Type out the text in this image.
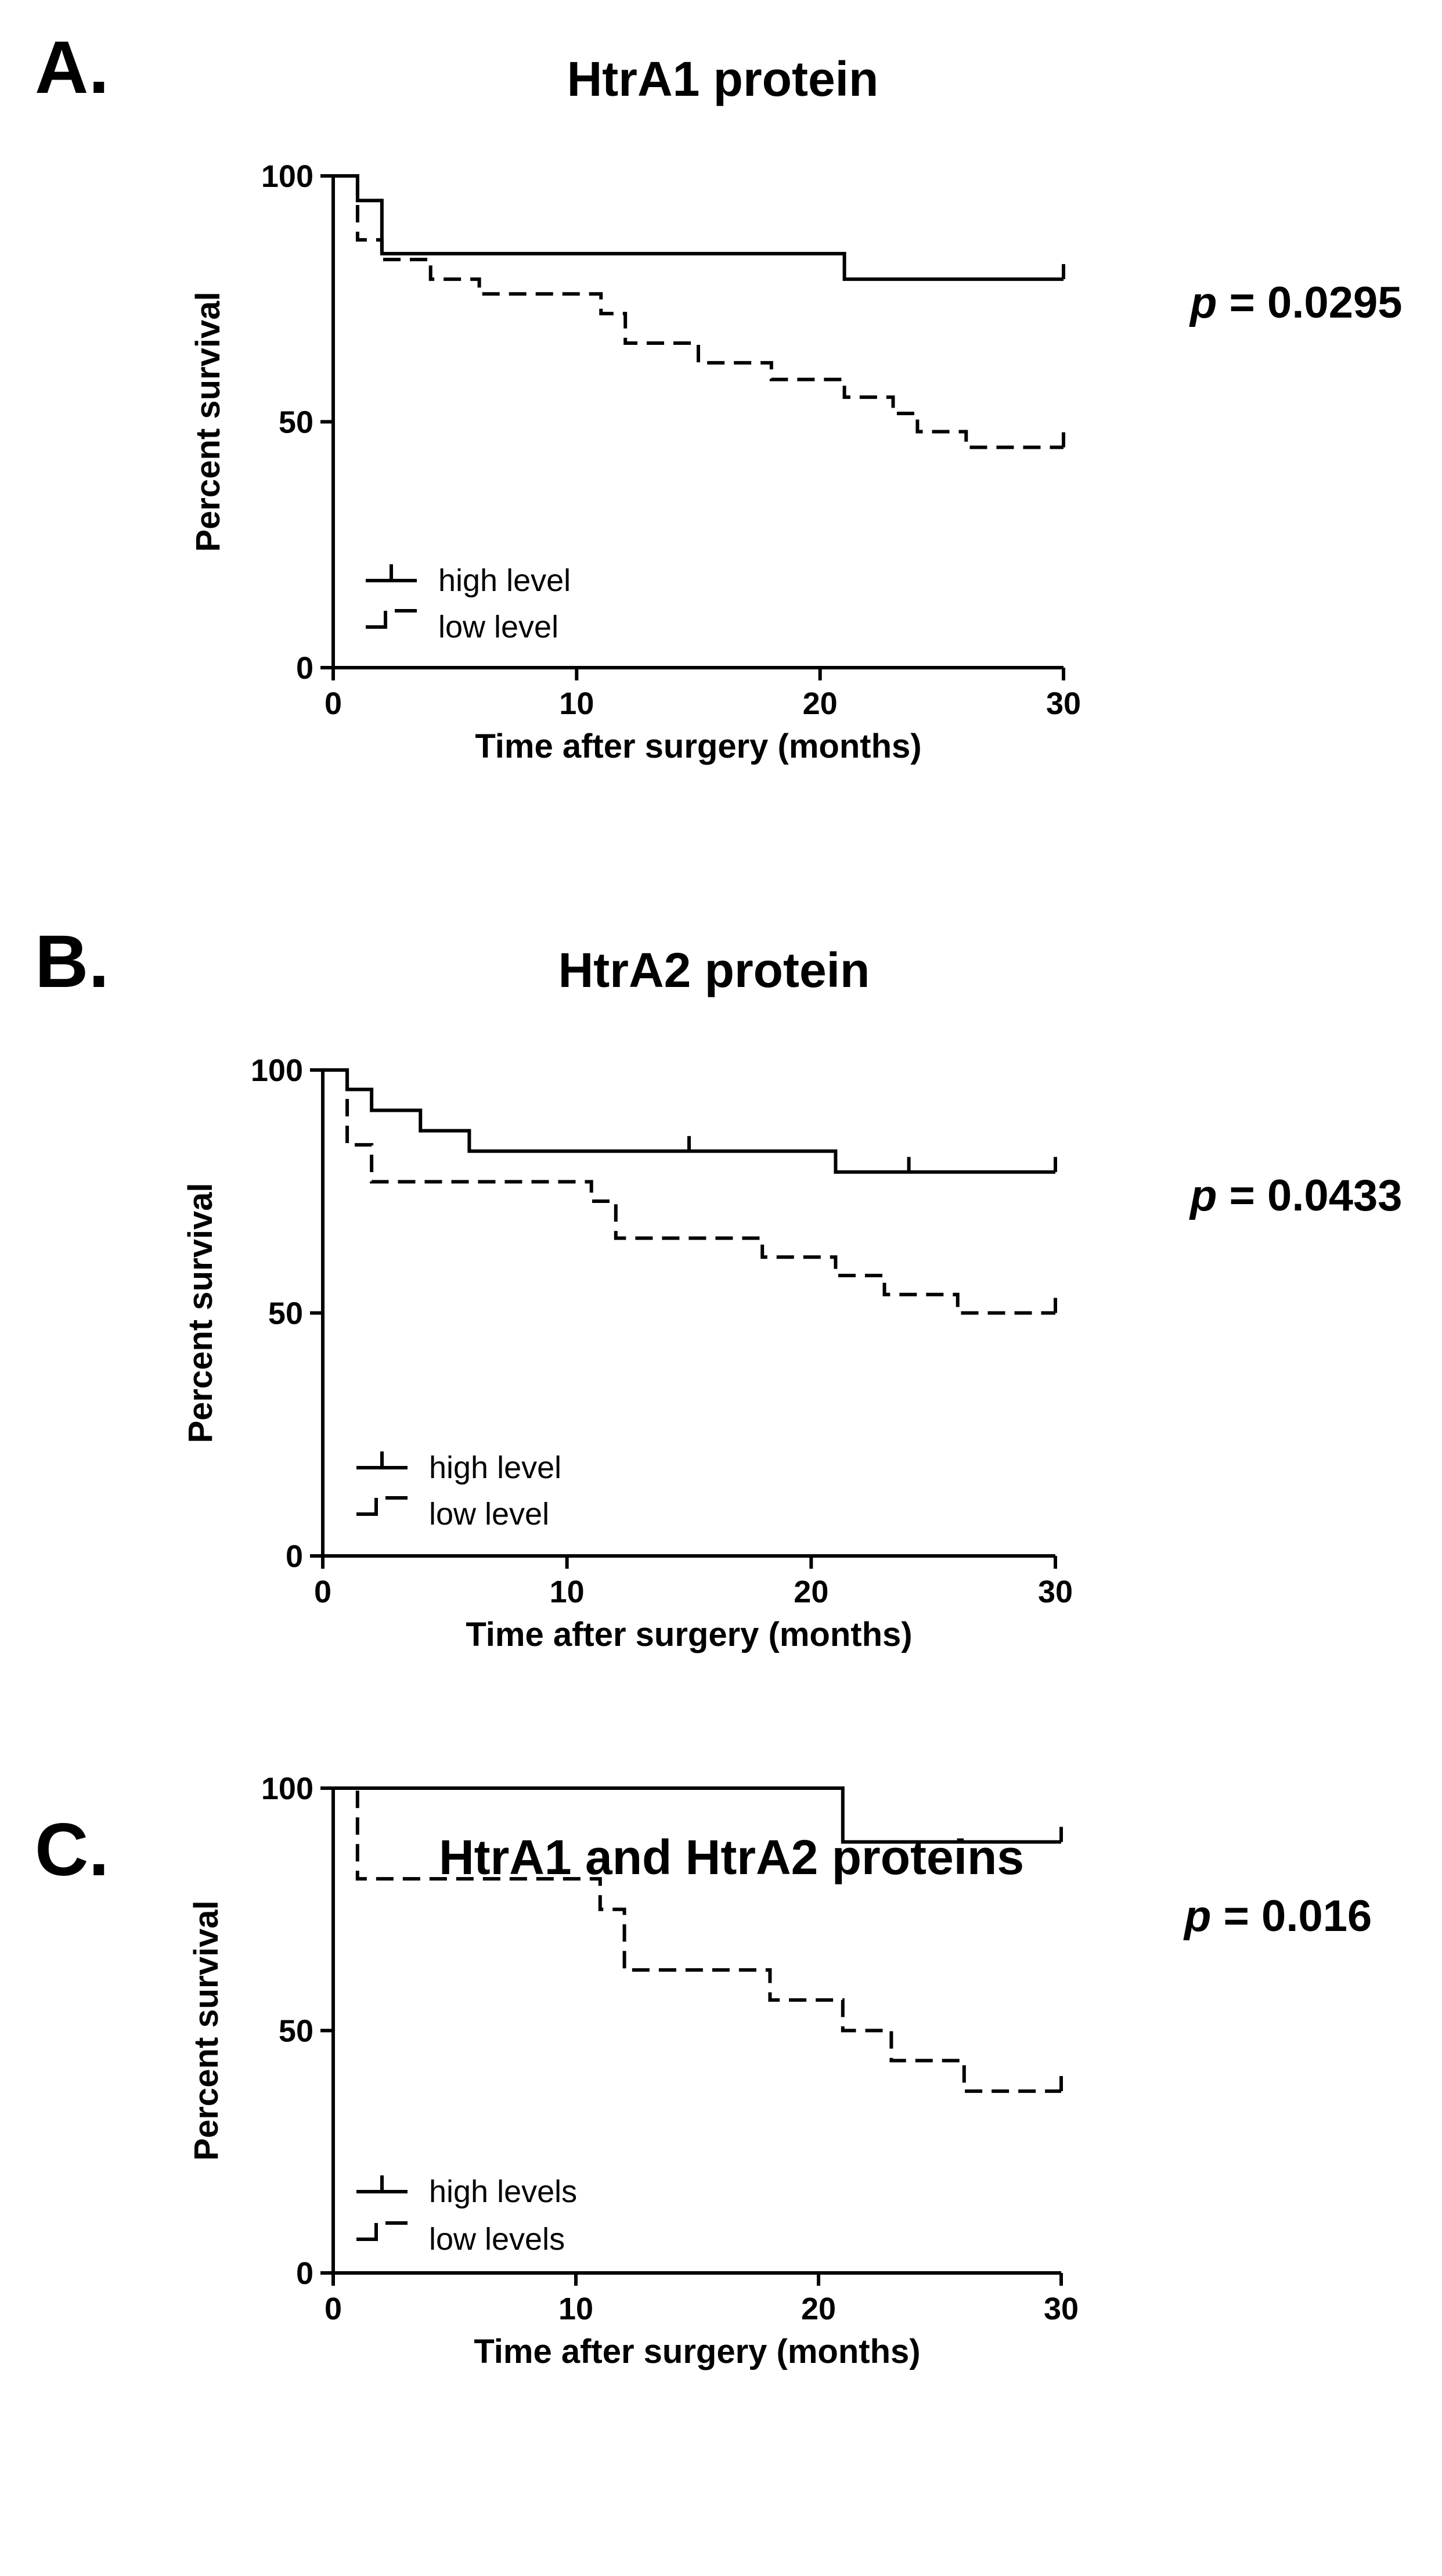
A.	HtrA1 protein
p = 0.0295
0	10	20	30
0
50
100
Time after surgery (months)
Percent survival
high level
low level
B.	HtrA2 protein
p = 0.0433
0	10	20	30
0
50
100
Time after surgery (months)
Percent survival
high level
low level
C.	HtrA1 and HtrA2 proteins
p = 0.016
0	10	20	30
0
50
100
Time after surgery (months)
Percent survival
high levels
low levels
